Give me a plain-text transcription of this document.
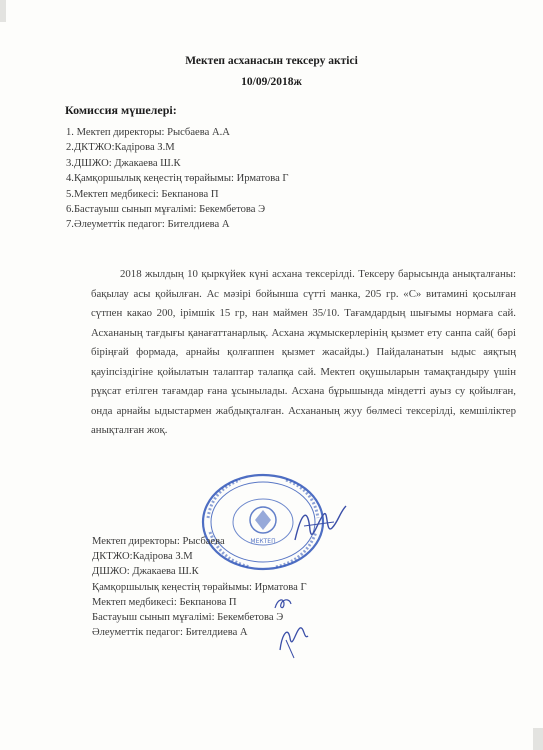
Мектеп асханасын тексеру актісі
10/09/2018ж
Комиссия мүшелері:
1. Мектеп директоры: Рысбаева А.А
2.ДКТЖО:Кадірова З.М
3.ДШЖО: Джакаева Ш.К
4.Қамқоршылық кеңестің төрайымы: Ирматова Г
5.Мектеп медбикесі: Бекпанова П
6.Бастауыш сынып мұғалімі: Бекембетова Э
7.Әлеуметтік педагог: Бителдиева А

2018 жылдың 10 қыркүйек күні асхана тексерілді. Тексеру барысында анықталғаны: бақылау асы қойылған. Ас мәзірі бойынша сүтті манка, 205 гр. «С» витамині қосылған сүтпен какао 200, ірімшік 15 гр, нан маймен 35/10. Тағамдардың шығымы нормаға сай. Асхананың тағдығы қанағаттанарлық. Асхана жұмыскерлерінің қызмет ету санпа сай( бәрі біріңғай формада, арнайы қолғаппен қызмет жасайды.) Пайдаланатын ыдыс аяқтың қауіпсіздігіне қойылатын талаптар талапқа сай. Мектеп оқушыларын тамақтандыру үшін рұқсат етілген тағамдар ғана ұсынылады. Асхана бұрышында міндетті ауыз су қойылған, онда арнайы ыдыстармен жабдықталған. Асхананың жуу бөлмесі тексерілді, кемшіліктер анықталған жоқ.

МЕКТЕП
Мектеп директоры: Рысбаева
ДКТЖО:Кадірова З.М
ДШЖО: Джакаева Ш.К
Қамқоршылық кеңестің төрайымы: Ирматова Г
Мектеп медбикесі: Бекпанова П
Бастауыш сынып мұғалімі: Бекембетова Э
Әлеуметтік педагог: Бителдиева А
